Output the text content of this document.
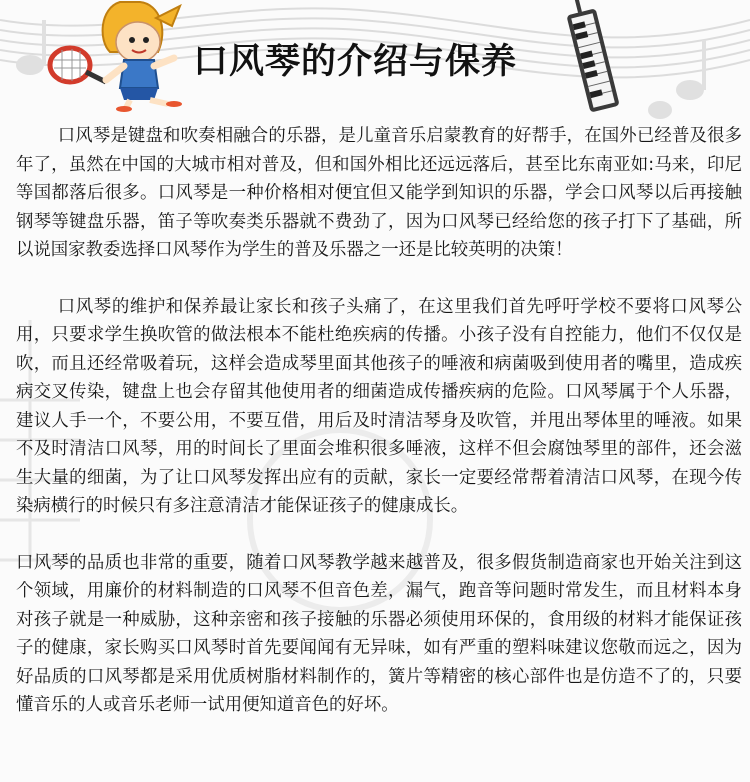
口风琴的介绍与保养

口风琴是键盘和吹奏相融合的乐器，是儿童音乐启蒙教育的好帮手，在国外已经普及很多年了，虽然在中国的大城市相对普及，但和国外相比还远远落后，甚至比东南亚如:马来，印尼等国都落后很多。口风琴是一种价格相对便宜但又能学到知识的乐器，学会口风琴以后再接触钢琴等键盘乐器，笛子等吹奏类乐器就不费劲了，因为口风琴已经给您的孩子打下了基础，所以说国家教委选择口风琴作为学生的普及乐器之一还是比较英明的决策！

口风琴的维护和保养最让家长和孩子头痛了，在这里我们首先呼吁学校不要将口风琴公用，只要求学生换吹管的做法根本不能杜绝疾病的传播。小孩子没有自控能力，他们不仅仅是吹，而且还经常吸着玩，这样会造成琴里面其他孩子的唾液和病菌吸到使用者的嘴里，造成疾病交叉传染，键盘上也会存留其他使用者的细菌造成传播疾病的危险。口风琴属于个人乐器，建议人手一个，不要公用，不要互借，用后及时清洁琴身及吹管，并甩出琴体里的唾液。如果不及时清洁口风琴，用的时间长了里面会堆积很多唾液，这样不但会腐蚀琴里的部件，还会滋生大量的细菌，为了让口风琴发挥出应有的贡献，家长一定要经常帮着清洁口风琴，在现今传染病横行的时候只有多注意清洁才能保证孩子的健康成长。

口风琴的品质也非常的重要，随着口风琴教学越来越普及，很多假货制造商家也开始关注到这个领域，用廉价的材料制造的口风琴不但音色差，漏气，跑音等问题时常发生，而且材料本身对孩子就是一种威胁，这种亲密和孩子接触的乐器必须使用环保的，食用级的材料才能保证孩子的健康，家长购买口风琴时首先要闻闻有无异味，如有严重的塑料味建议您敬而远之，因为好品质的口风琴都是采用优质树脂材料制作的，簧片等精密的核心部件也是仿造不了的，只要懂音乐的人或音乐老师一试用便知道音色的好坏。
